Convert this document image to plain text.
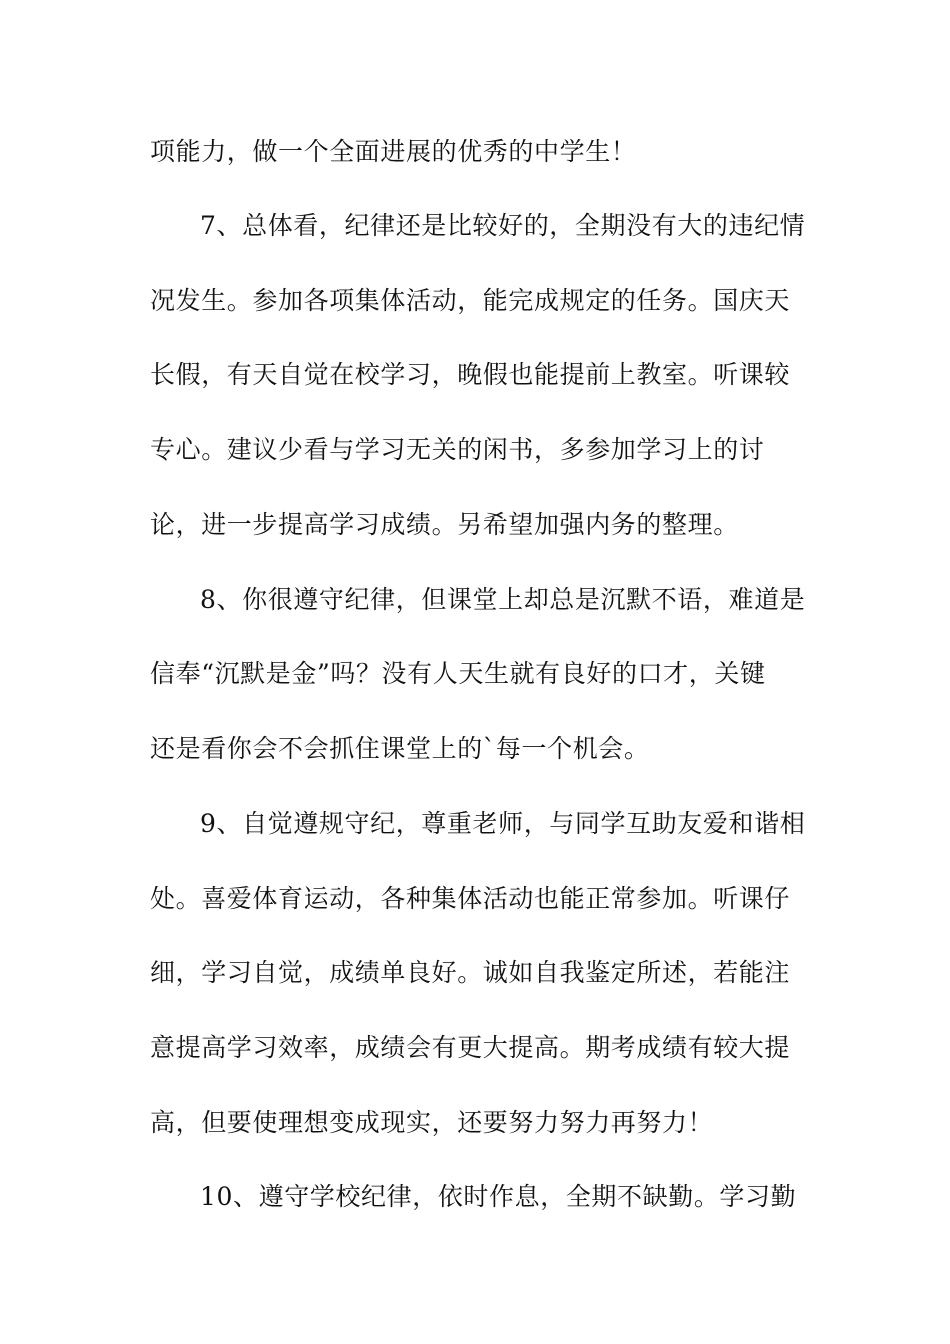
项能力，做一个全面进展的优秀的中学生！
7、总体看，纪律还是比较好的，全期没有大的违纪情
况发生。参加各项集体活动，能完成规定的任务。国庆天
长假，有天自觉在校学习，晚假也能提前上教室。听课较
专心。建议少看与学习无关的闲书，多参加学习上的讨
论，进一步提高学习成绩。另希望加强内务的整理。
8、你很遵守纪律，但课堂上却总是沉默不语，难道是
信奉“沉默是金”吗？没有人天生就有良好的口才，关键
还是看你会不会抓住课堂上的`每一个机会。
9、自觉遵规守纪，尊重老师，与同学互助友爱和谐相
处。喜爱体育运动，各种集体活动也能正常参加。听课仔
细，学习自觉，成绩单良好。诚如自我鉴定所述，若能注
意提高学习效率，成绩会有更大提高。期考成绩有较大提
高，但要使理想变成现实，还要努力努力再努力！
10、遵守学校纪律，依时作息，全期不缺勤。学习勤
